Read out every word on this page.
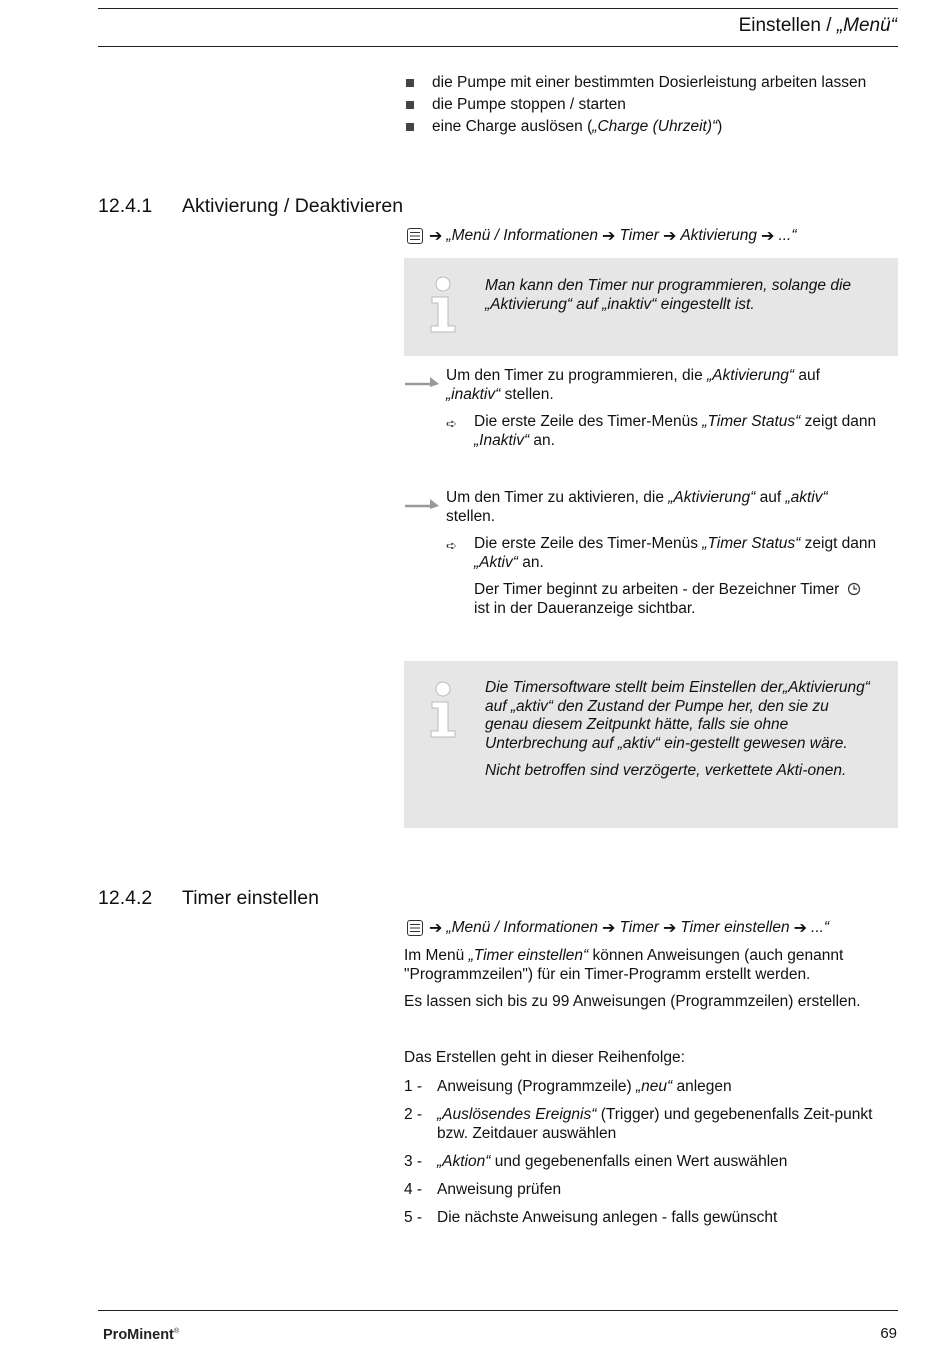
Einstellen / „Menü“
die Pumpe mit einer bestimmten Dosierleistung arbeiten lassen
die Pumpe stoppen / starten
eine Charge auslösen („Charge (Uhrzeit)“)
12.4.1 Aktivierung / Deaktivieren
➔ „Menü / Informationen ➔ Timer ➔ Aktivierung ➔ ...“
Man kann den Timer nur programmieren, solange die „Aktivierung“ auf „inaktiv“ eingestellt ist.
Um den Timer zu programmieren, die „Aktivierung“ auf „inaktiv“ stellen.
➪ Die erste Zeile des Timer-Menüs „Timer Status“ zeigt dann „Inaktiv“ an.
Um den Timer zu aktivieren, die „Aktivierung“ auf „aktiv“ stellen.
➪ Die erste Zeile des Timer-Menüs „Timer Status“ zeigt dann „Aktiv“ an.

Der Timer beginnt zu arbeiten - der Bezeichner Timer
ist in der Daueranzeige sichtbar.

Die Timersoftware stellt beim Einstellen der„Aktivierung“ auf „aktiv“ den Zustand der Pumpe her, den sie zu genau diesem Zeitpunkt hätte, falls sie ohne Unterbrechung auf „aktiv“ ein-gestellt gewesen wäre.

Nicht betroffen sind verzögerte, verkettete Akti-onen.

12.4.2 Timer einstellen
➔ „Menü / Informationen ➔ Timer ➔ Timer einstellen ➔ ...“
Im Menü „Timer einstellen“ können Anweisungen (auch genannt "Programmzeilen") für ein Timer-Programm erstellt werden.
Es lassen sich bis zu 99 Anweisungen (Programmzeilen) erstellen.
Das Erstellen geht in dieser Reihenfolge:
1 - Anweisung (Programmzeile) „neu“ anlegen
2 - „Auslösendes Ereignis“ (Trigger) und gegebenenfalls Zeit-punkt bzw. Zeitdauer auswählen
3 - „Aktion“ und gegebenenfalls einen Wert auswählen
4 - Anweisung prüfen
5 - Die nächste Anweisung anlegen - falls gewünscht
ProMinent®	69
